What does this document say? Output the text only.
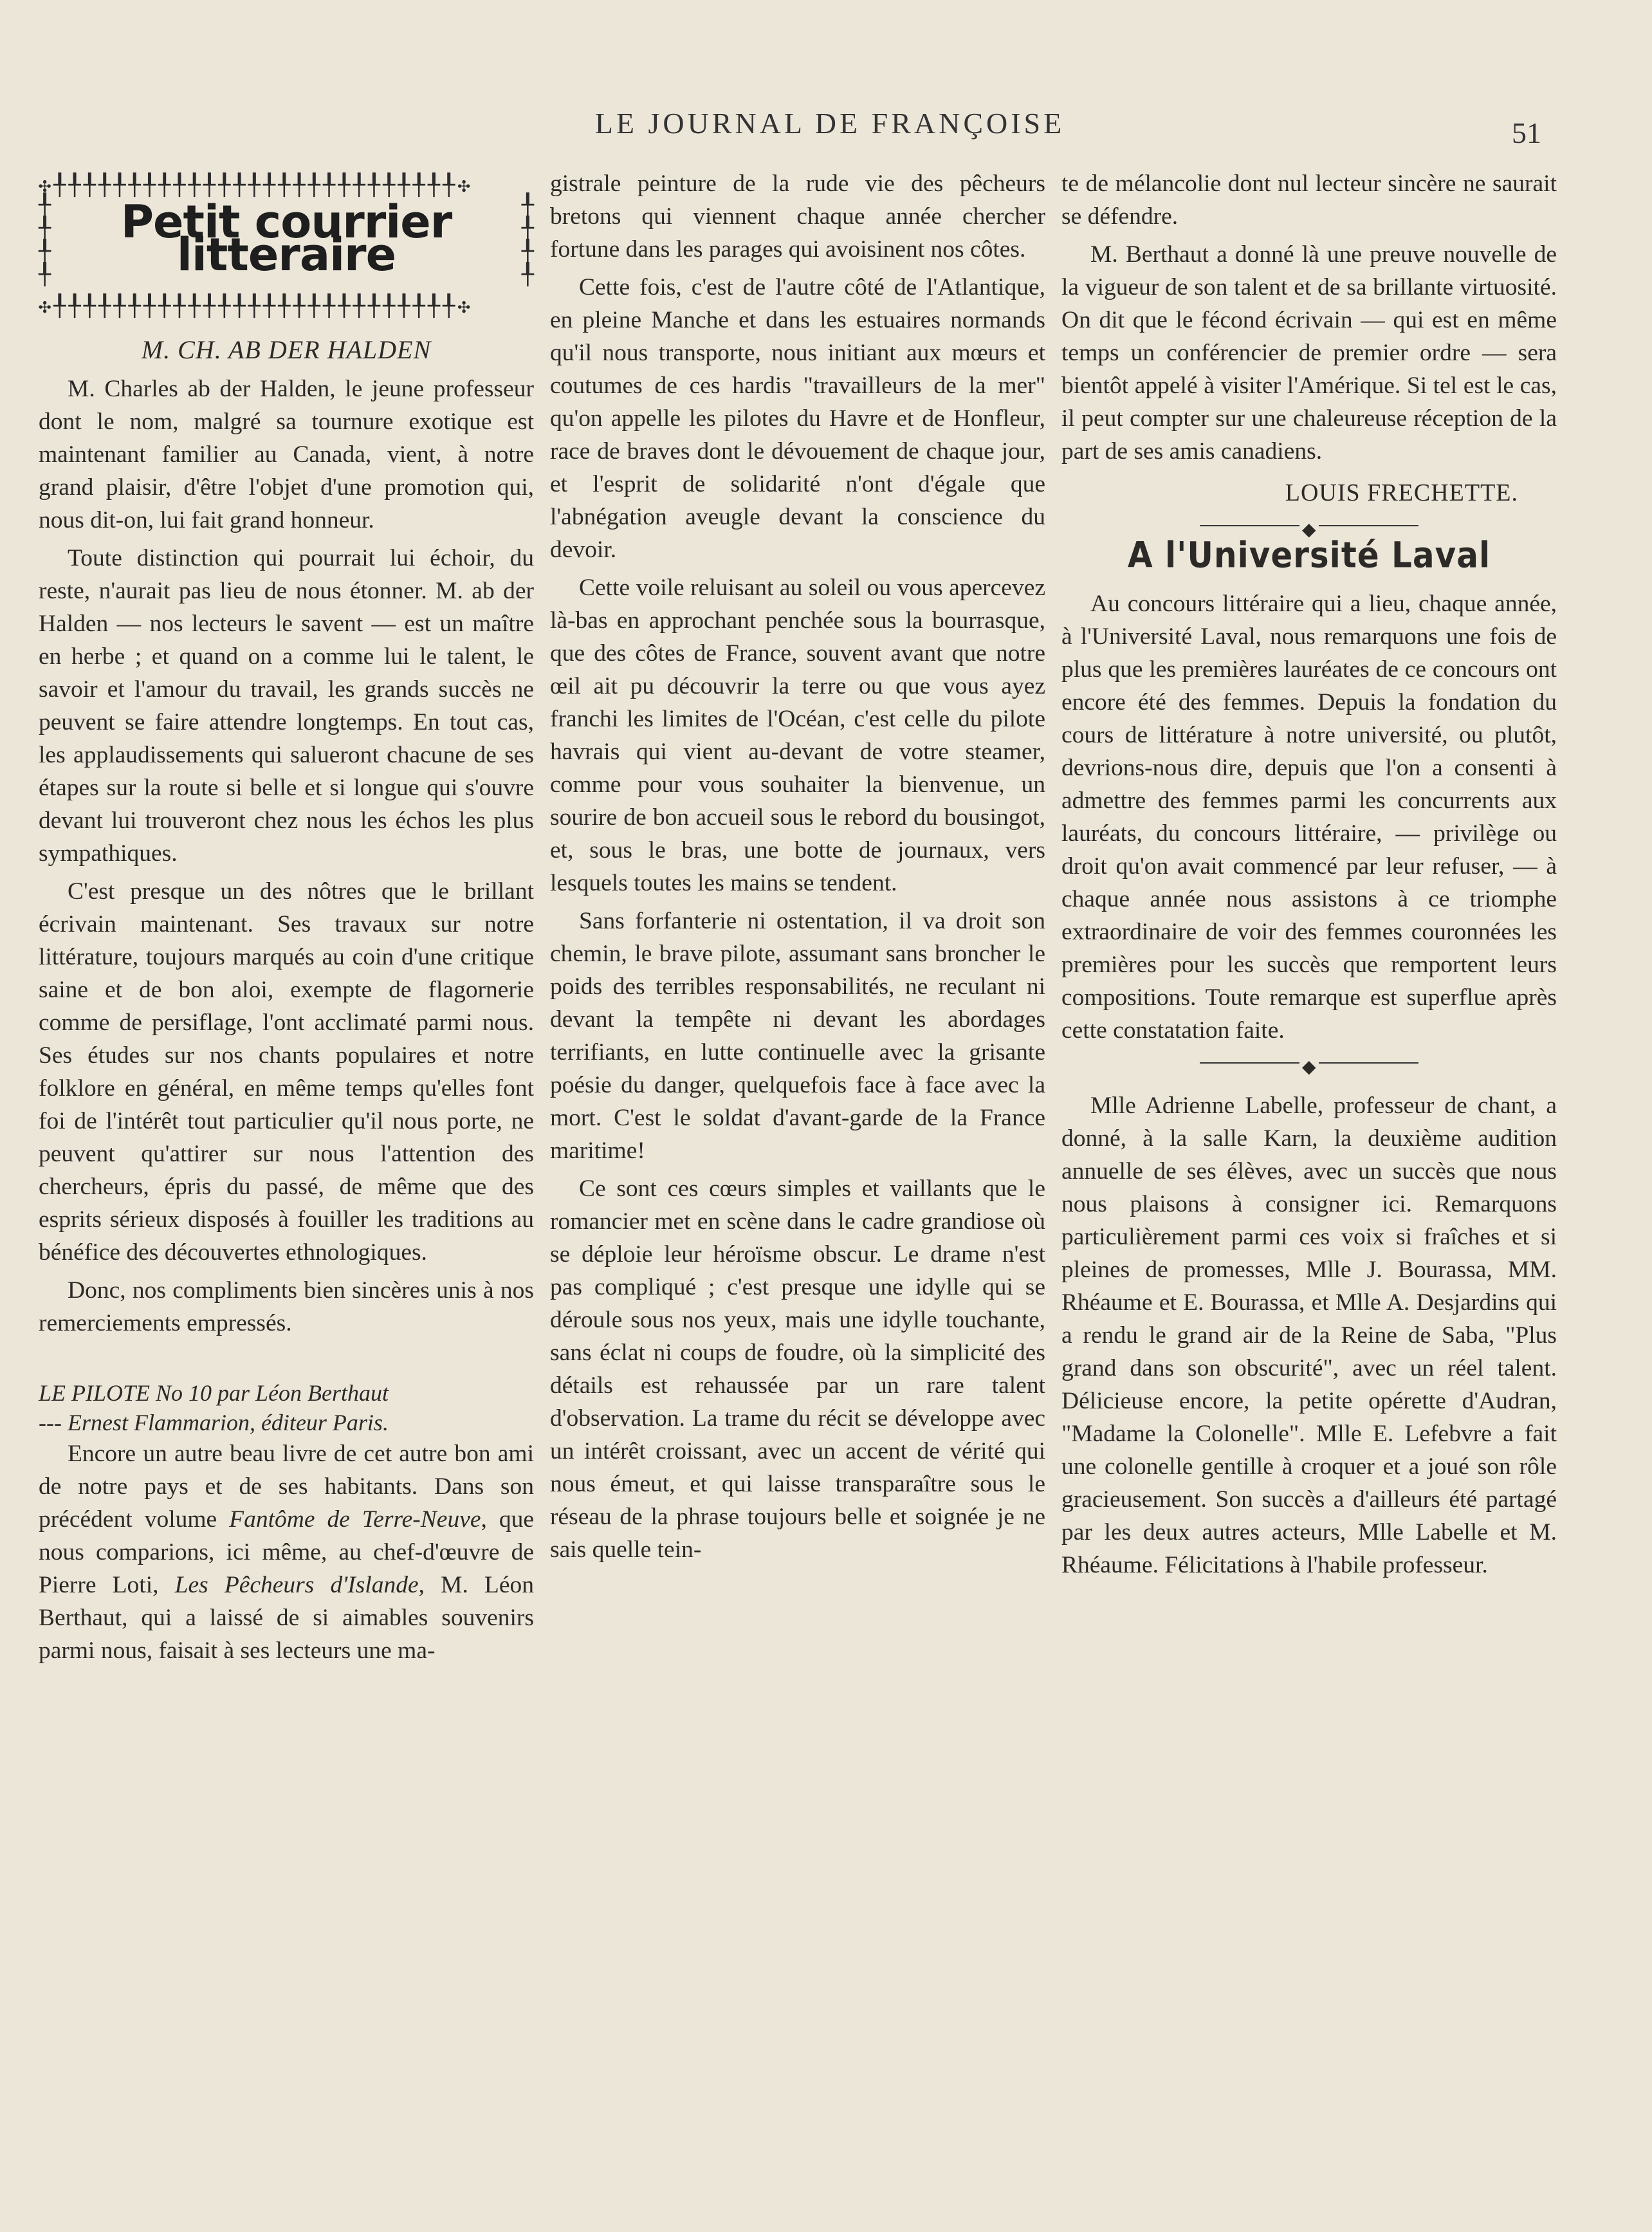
LE JOURNAL DE FRANÇOISE	51
✣╀╀╀╀╀╀╀╀╀╀╀╀╀╀╀╀╀╀╀╀╀╀╀╀╀╀╀✣
╀
╀
╀
╀
╀
╀
╀
╀
Petit courrier litteraire
✣╀╀╀╀╀╀╀╀╀╀╀╀╀╀╀╀╀╀╀╀╀╀╀╀╀╀╀✣
M. CH. AB DER HALDEN

M. Charles ab der Halden, le jeune professeur dont le nom, malgré sa tournure exotique est maintenant familier au Canada, vient, à notre grand plaisir, d'être l'objet d'une promotion qui, nous dit-on, lui fait grand honneur.

Toute distinction qui pourrait lui échoir, du reste, n'aurait pas lieu de nous étonner. M. ab der Halden — nos lecteurs le savent — est un maître en herbe ; et quand on a comme lui le talent, le savoir et l'amour du travail, les grands succès ne peuvent se faire attendre longtemps. En tout cas, les applaudissements qui salueront chacune de ses étapes sur la route si belle et si longue qui s'ouvre devant lui trouveront chez nous les échos les plus sympathiques.

C'est presque un des nôtres que le brillant écrivain maintenant. Ses travaux sur notre littérature, toujours marqués au coin d'une critique saine et de bon aloi, exempte de flagornerie comme de persiflage, l'ont acclimaté parmi nous. Ses études sur nos chants populaires et notre folklore en général, en même temps qu'elles font foi de l'intérêt tout particulier qu'il nous porte, ne peuvent qu'attirer sur nous l'attention des chercheurs, épris du passé, de même que des esprits sérieux disposés à fouiller les traditions au bénéfice des découvertes ethnologiques.

Donc, nos compliments bien sincères unis à nos remerciements empressés.

LE PILOTE No 10 par Léon Berthaut
--- Ernest Flammarion, éditeur Paris.

Encore un autre beau livre de cet autre bon ami de notre pays et de ses habitants. Dans son précédent volume Fantôme de Terre-Neuve, que nous comparions, ici même, au chef-d'œuvre de Pierre Loti, Les Pêcheurs d'Islande, M. Léon Berthaut, qui a laissé de si aimables souvenirs parmi nous, faisait à ses lecteurs une ma-

gistrale peinture de la rude vie des pêcheurs bretons qui viennent chaque année chercher fortune dans les parages qui avoisinent nos côtes.

Cette fois, c'est de l'autre côté de l'Atlantique, en pleine Manche et dans les estuaires normands qu'il nous transporte, nous initiant aux mœurs et coutumes de ces hardis "travailleurs de la mer" qu'on appelle les pilotes du Havre et de Honfleur, race de braves dont le dévouement de chaque jour, et l'esprit de solidarité n'ont d'égale que l'abnégation aveugle devant la conscience du devoir.

Cette voile reluisant au soleil ou vous apercevez là-bas en approchant penchée sous la bourrasque, que des côtes de France, souvent avant que notre œil ait pu découvrir la terre ou que vous ayez franchi les limites de l'Océan, c'est celle du pilote havrais qui vient au-devant de votre steamer, comme pour vous souhaiter la bienvenue, un sourire de bon accueil sous le rebord du bousingot, et, sous le bras, une botte de journaux, vers lesquels toutes les mains se tendent.

Sans forfanterie ni ostentation, il va droit son chemin, le brave pilote, assumant sans broncher le poids des terribles responsabilités, ne reculant ni devant la tempête ni devant les abordages terrifiants, en lutte continuelle avec la grisante poésie du danger, quelquefois face à face avec la mort. C'est le soldat d'avant-garde de la France maritime!

Ce sont ces cœurs simples et vaillants que le romancier met en scène dans le cadre grandiose où se déploie leur héroïsme obscur. Le drame n'est pas compliqué ; c'est presque une idylle qui se déroule sous nos yeux, mais une idylle touchante, sans éclat ni coups de foudre, où la simplicité des détails est rehaussée par un rare talent d'observation. La trame du récit se développe avec un intérêt croissant, avec un accent de vérité qui nous émeut, et qui laisse transparaître sous le réseau de la phrase toujours belle et soignée je ne sais quelle tein-

te de mélancolie dont nul lecteur sincère ne saurait se défendre.

M. Berthaut a donné là une preuve nouvelle de la vigueur de son talent et de sa brillante virtuosité. On dit que le fécond écrivain — qui est en même temps un conférencier de premier ordre — sera bientôt appelé à visiter l'Amérique. Si tel est le cas, il peut compter sur une chaleureuse réception de la part de ses amis canadiens.

LOUIS FRECHETTE.
◆
A l'Université Laval

Au concours littéraire qui a lieu, chaque année, à l'Université Laval, nous remarquons une fois de plus que les premières lauréates de ce concours ont encore été des femmes. Depuis la fondation du cours de littérature à notre université, ou plutôt, devrions-nous dire, depuis que l'on a consenti à admettre des femmes parmi les concurrents aux lauréats, du concours littéraire, — privilège ou droit qu'on avait commencé par leur refuser, — à chaque année nous assistons à ce triomphe extraordinaire de voir des femmes couronnées les premières pour les succès que remportent leurs compositions. Toute remarque est superflue après cette constatation faite.

◆

Mlle Adrienne Labelle, professeur de chant, a donné, à la salle Karn, la deuxième audition annuelle de ses élèves, avec un succès que nous nous plaisons à consigner ici. Remarquons particulièrement parmi ces voix si fraîches et si pleines de promesses, Mlle J. Bourassa, MM. Rhéaume et E. Bourassa, et Mlle A. Desjardins qui a rendu le grand air de la Reine de Saba, "Plus grand dans son obscurité", avec un réel talent. Délicieuse encore, la petite opérette d'Audran, "Madame la Colonelle". Mlle E. Lefebvre a fait une colonelle gentille à croquer et a joué son rôle gracieusement. Son succès a d'ailleurs été partagé par les deux autres acteurs, Mlle Labelle et M. Rhéaume. Félicitations à l'habile professeur.
